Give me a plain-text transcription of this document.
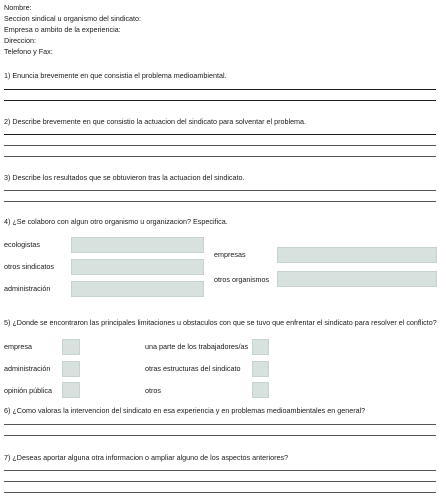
Nombre:
Seccion sindical u organismo del sindicato:
Empresa o ambito de la experiencia:
Direccion:
Telefono y Fax:
1) Enuncia brevemente en que consistia el problema medioambiental.
2) Describe brevemente en que consistio la actuacion del sindicato para solventar el problema.
3) Describe los resultados que se obtuvieron tras la actuacion del sindicato.
4) ¿Se colaboro con algun otro organismo u organizacion? Especifica.
ecologistas
otros sindicatos
administración
empresas
otros organismos
5) ¿Donde se encontraron las principales limitaciones u obstaculos con que se tuvo que enfrentar el sindicato para resolver el conflicto?
empresa
administración
opinión pública
una parte de los trabajadores/as
otras estructuras del sindicato
otros
6) ¿Como valoras la intervencion del sindicato en esa experiencia y en problemas medioambientales en general?
7) ¿Deseas aportar alguna otra informacion o ampliar alguno de los aspectos anteriores?
